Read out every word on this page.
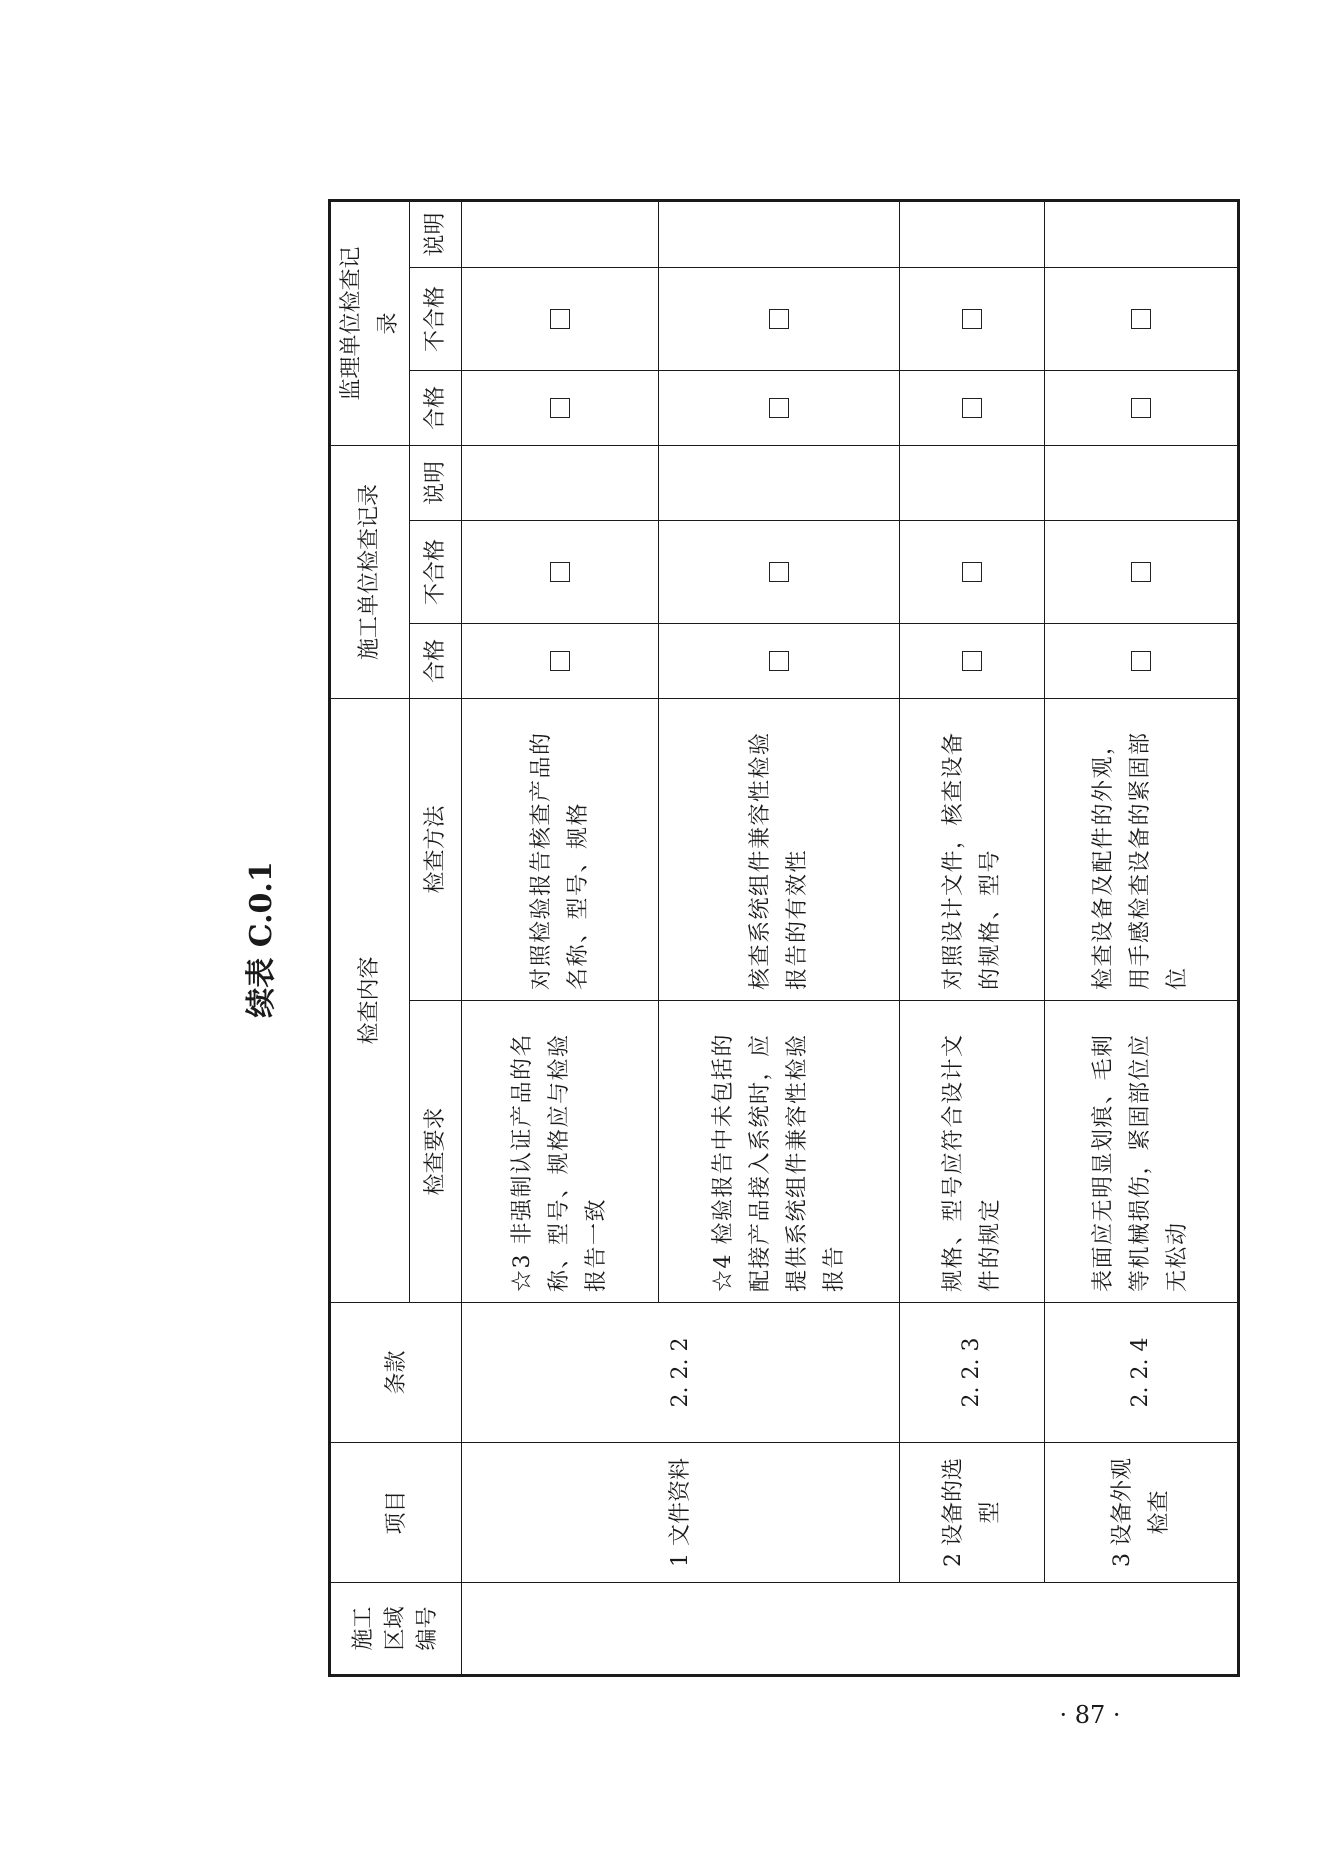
续表 C.0.1
施工区域编号	项目	条款	检查内容		施工单位检查记录			监理单位检查记录		
			检查要求	检查方法	合格	不合格	说明	合格	不合格	说明
	1 文件资料	2. 2. 2	☆3 非强制认证产品的名称、型号、规格应与检验报告一致	对照检验报告核查产品的名称、型号、规格						
			☆4 检验报告中未包括的配接产品接入系统时，应提供系统组件兼容性检验报告	核查系统组件兼容性检验报告的有效性						
	2 设备的选型	2. 2. 3	规格、型号应符合设计文件的规定	对照设计文件，核查设备的规格、型号						
	3 设备外观检查	2. 2. 4	表面应无明显划痕、毛刺等机械损伤，紧固部位应无松动	检查设备及配件的外观，用手感检查设备的紧固部位						
· 87 ·
